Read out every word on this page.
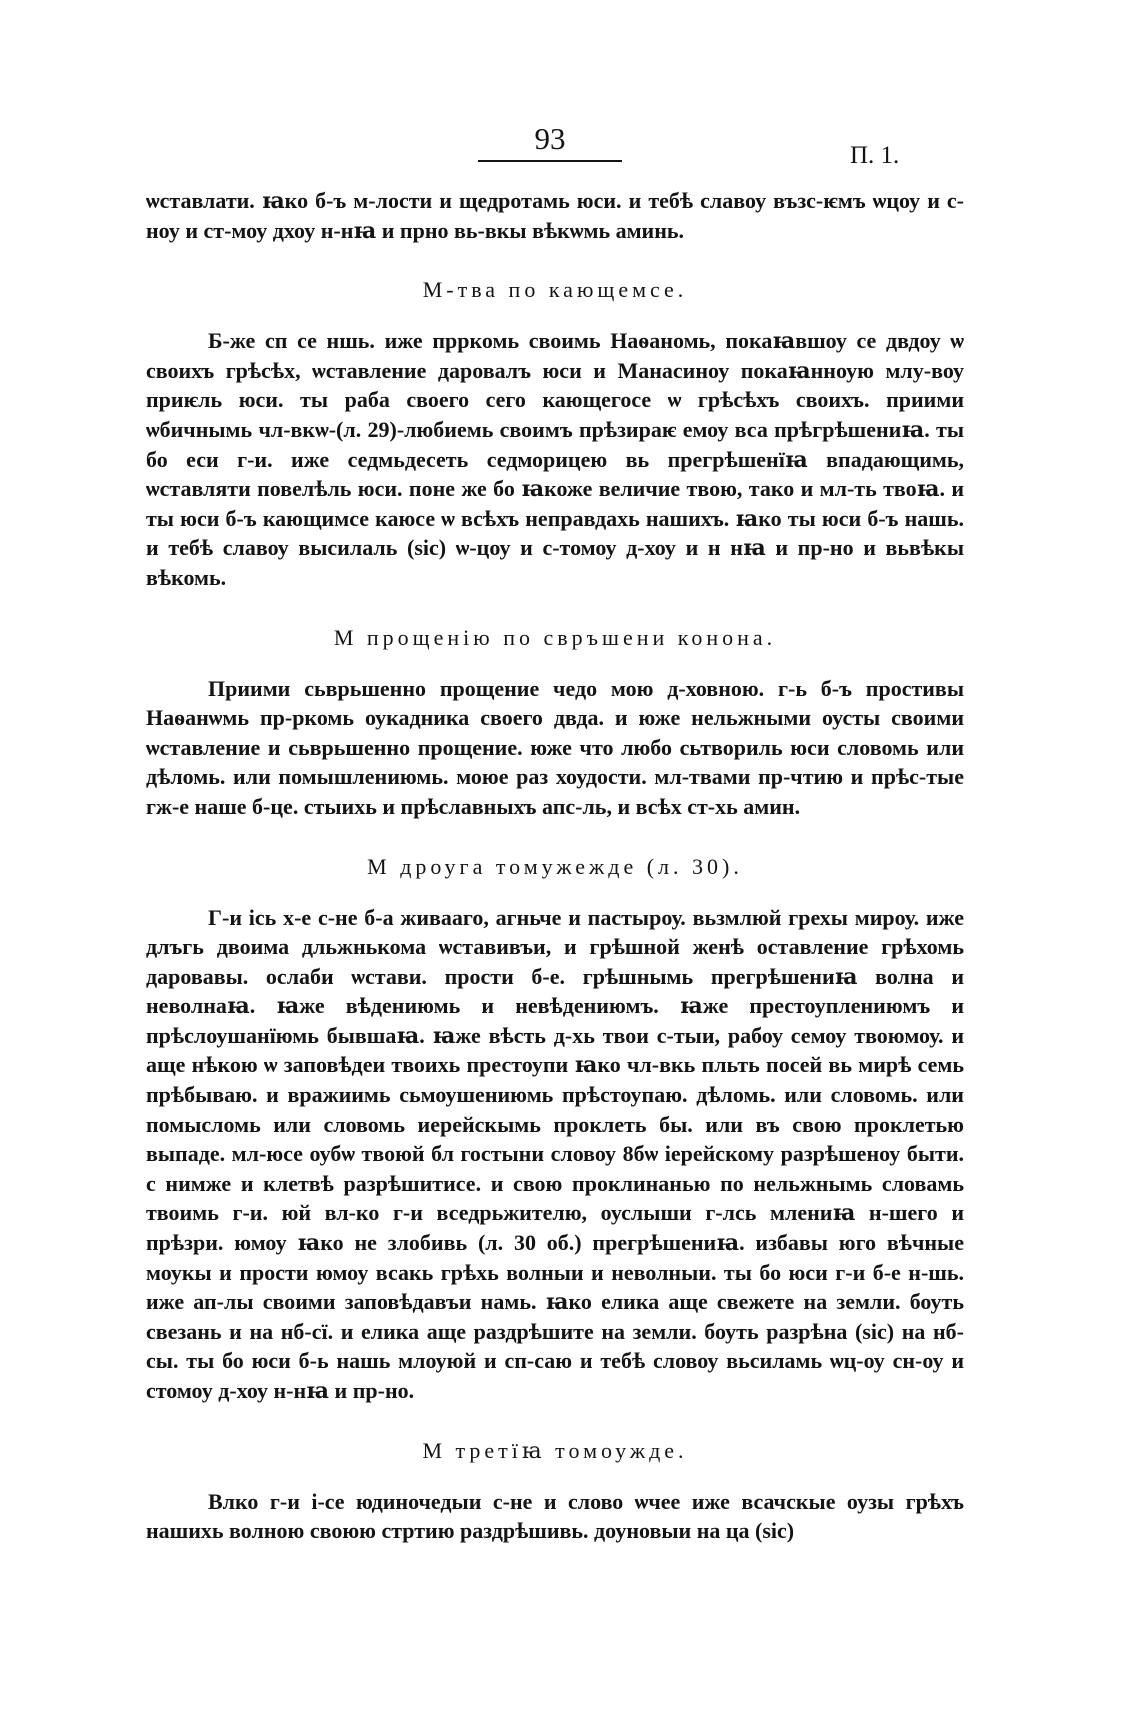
93	П. 1.

ѡставлати. ꙗко б-ъ м-лости и щедротамь юси. и тебѣ славоу възс-ѥмъ ѡцоу и с-ноу и ст-моу дхоу н-нꙗ и прно вь-вкы вѣкѡмь аминь.

М-тва по кающемсе.

Б-же сп се ншь. иже прркомь своимь Наѳаномь, покаꙗвшоу се двдоу ѡ своихъ грѣсѣх, ѡставление даровалъ юси и Манасиноу покаꙗнноую млу-воу приѥль юси. ты раба своего сего кающегосе ѡ грѣсѣхъ своихъ. приими ѡбичнымь чл-вкѡ-(л. 29)-любиемь своимъ прѣзираѥ емоу вса прѣгрѣшениꙗ. ты бо еси г-и. иже седмьдесеть седморицею вь прегрѣшенїꙗ впадающимь, ѡставляти повелѣль юси. поне же бо ꙗкоже величие твою, тако и мл-ть твоꙗ. и ты юси б-ъ кающимсе каюсе ѡ всѣхъ неправдахь нашихъ. ꙗко ты юси б-ъ нашь. и тебѣ славоу высилаль (sic) ѡ-цоу и с-томоу д-хоу и н нꙗ и пр-но и вьвѣкы вѣкомь.

М прощенію по свръшени конона.

Приими сьврьшенно прощение чедо мою д-ховною. г-ь б-ъ простивы Наѳанѡмь пр-ркомь оукадника своего двда. и юже нельжными оусты своими ѡставление и сьврьшенно прощение. юже что любо сьтвориль юси словомь или дѣломь. или помышлениюмь. моюе раз хоудости. мл-твами пр-чтию и прѣс-тые гж-е наше б-це. стыихь и прѣславныхъ апс-ль, и всѣх ст-хь амин.

М дроуга томужежде (л. 30).

Г-и ісь х-е с-не б-а живааго, агньче и пастыроу. вьзмлюй грехы мироу. иже длъгь двоима дльжнькома ѡставивъи, и грѣшной женѣ оставление грѣхомь даровавы. ослаби ѡстави. прости б-е. грѣшнымь прегрѣшениꙗ волна и неволнаꙗ. ꙗже вѣдениюмь и невѣдениюмъ. ꙗже престоуплениюмъ и прѣслоушанїюмь бывшаꙗ. ꙗже вѣсть д-хь твои с-тыи, рабоу семоу твоюмоу. и аще нѣкою ѡ заповѣдеи твоихь престоупи ꙗко чл-вкь пльть посей вь мирѣ семь прѣбываю. и вражиимь сьмоушениюмь прѣстоупаю. дѣломь. или словомь. или помысломь или словомь иерейскымь проклеть бы. или въ свою проклетью выпаде. мл-юсе оубѡ твоюй бл гостыни словоу 8бѡ іерейскому разрѣшеноу быти. с нимже и клетвѣ разрѣшитисе. и свою проклинанью по нельжнымь словамь твоимь г-и. юй вл-ко г-и вседрьжителю, оуслыши г-лсь млениꙗ н-шего и прѣзри. юмоу ꙗко не злобивь (л. 30 об.) прегрѣшениꙗ. избавы юго вѣчные моукы и прости юмоу всакь грѣхь волныи и неволныи. ты бо юси г-и б-е н-шь. иже ап-лы своими заповѣдавъи намь. ꙗко елика аще свежете на земли. боуть свезань и на нб-сї. и елика аще раздрѣшите на земли. боуть разрѣна (sic) на нб-сы. ты бо юси б-ь нашь млоуюй и сп-саю и тебѣ словоу вьсиламь ѡц-оу сн-оу и стомоу д-хоу н-нꙗ и пр-но.

М третїꙗ томоужде.

Влко г-и і-се юдиночедыи с-не и слово ѡчее иже всачскые оузы грѣхъ нашихь волною своюю стртию раздрѣшивь. доуновыи на ца (sic)
